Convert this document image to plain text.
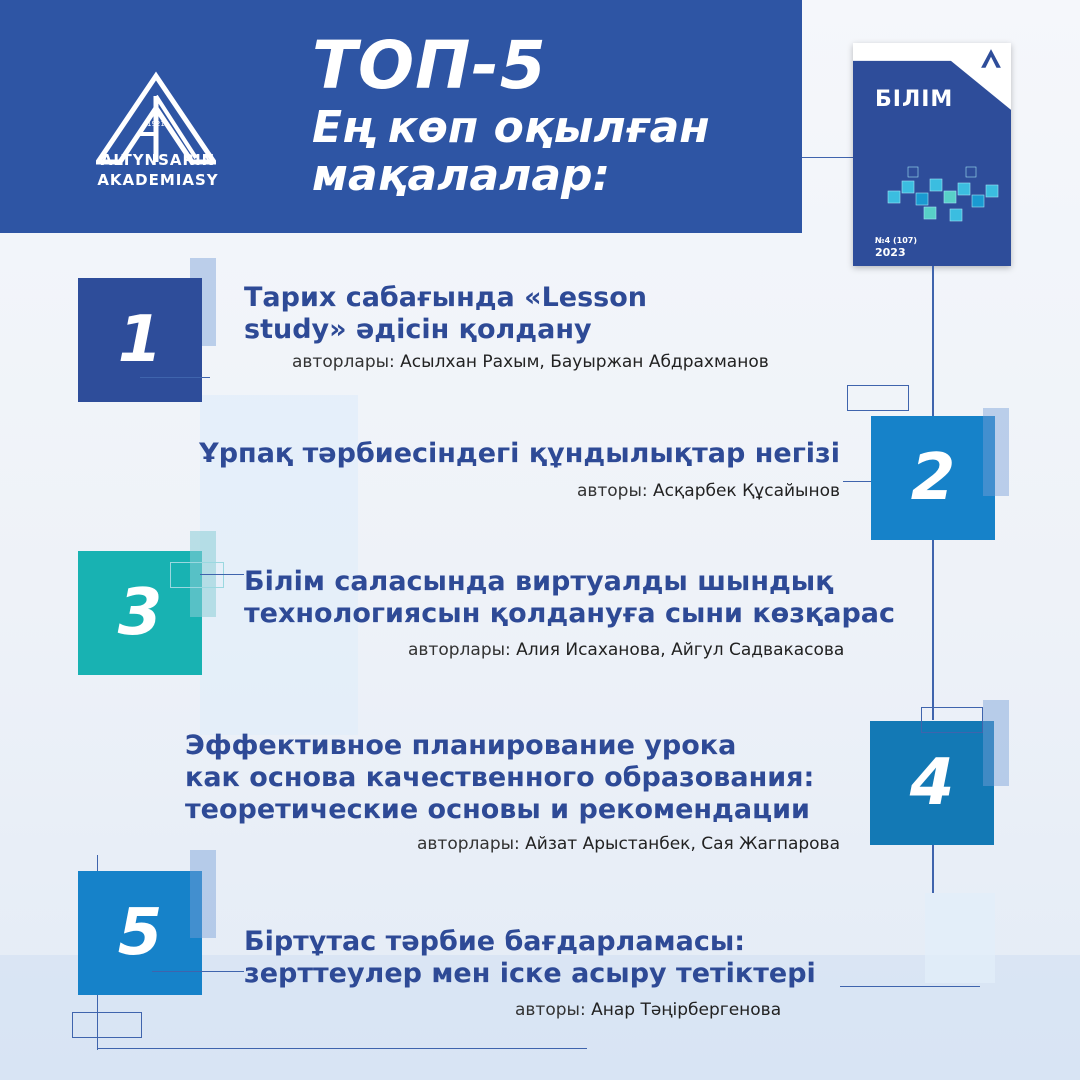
1921
ALTYNSARIN
AKADEMIASY
ТОП-5
Ең көп оқылған
мақалалар:
БІЛІМ
№4 (107)
2023
1
Тарих сабағында «Lesson
study» әдісін қолдану
авторлары: Асылхан Рахым, Бауыржан Абдрахманов
2
Ұрпақ тәрбиесіндегі құндылықтар негізі
авторы: Асқарбек Құсайынов
3	Білім саласында виртуалды шындық
технологиясын қолдануға сыни көзқарас
авторлары: Алия Исаханова, Айгул Садвакасова
4
Эффективное планирование урока
как основа качественного образования:
теоретические основы и рекомендации
авторлары: Айзат Арыстанбек, Сая Жагпарова
5	Біртұтас тәрбие бағдарламасы:
зерттеулер мен іске асыру тетіктері
авторы: Анар Тәңірбергенова
